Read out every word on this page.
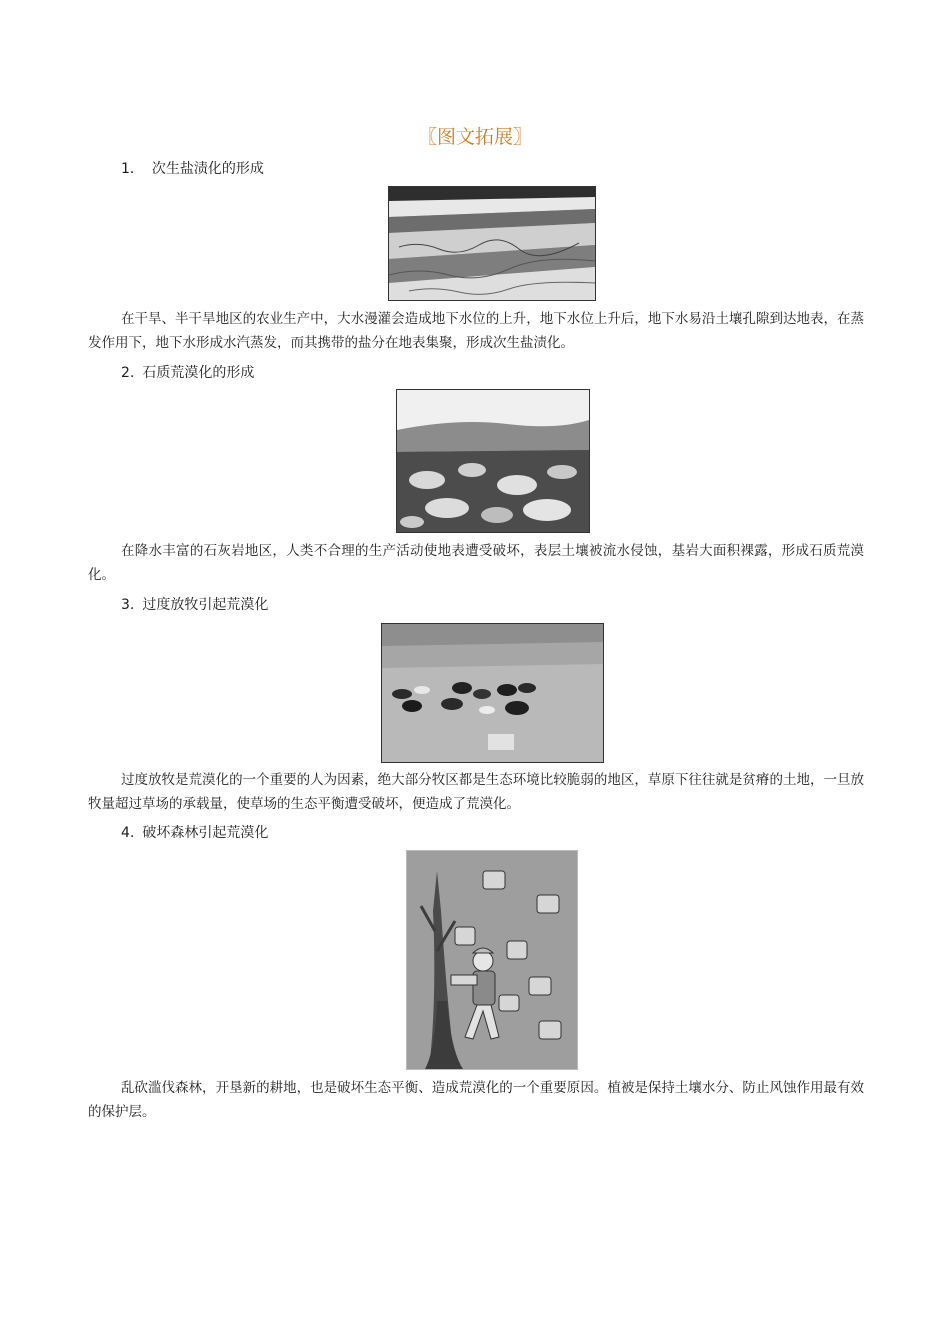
〖图文拓展〗
1． 次生盐渍化的形成

在干旱、半干旱地区的农业生产中，大水漫灌会造成地下水位的上升，地下水位上升后，地下水易沿土壤孔隙到达地表，在蒸发作用下，地下水形成水汽蒸发，而其携带的盐分在地表集聚，形成次生盐渍化。

2. 石质荒漠化的形成

在降水丰富的石灰岩地区，人类不合理的生产活动使地表遭受破坏，表层土壤被流水侵蚀，基岩大面积裸露，形成石质荒漠化。

3. 过度放牧引起荒漠化

过度放牧是荒漠化的一个重要的人为因素，绝大部分牧区都是生态环境比较脆弱的地区，草原下往往就是贫瘠的土地，一旦放牧量超过草场的承载量，使草场的生态平衡遭受破坏，便造成了荒漠化。

4. 破坏森林引起荒漠化

乱砍滥伐森林，开垦新的耕地，也是破坏生态平衡、造成荒漠化的一个重要原因。植被是保持土壤水分、防止风蚀作用最有效的保护层。
